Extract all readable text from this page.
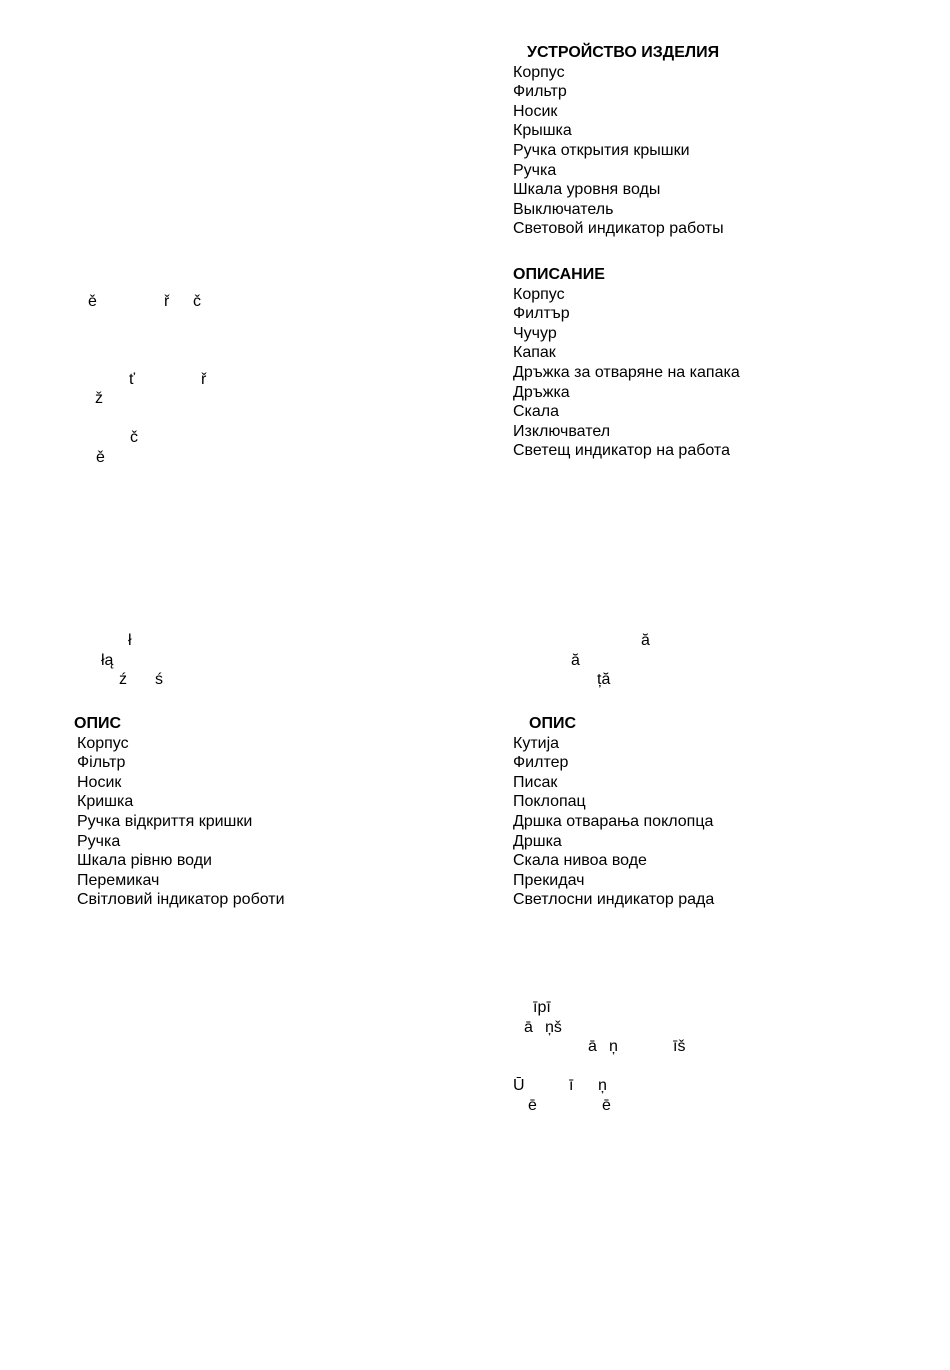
УСТРОЙСТВО ИЗДЕЛИЯ
Корпус
Фильтр
Носик
Крышка
Ручка открытия крышки
Ручка
Шкала уровня воды
Выключатель
Световой индикатор работы
ОПИСАНИЕ
Корпус
Филтър
Чучур
Капак
Дръжка за отваряне на капака
Дръжка
Скала
Изключвател
Светещ индикатор на работа
ОПИС
Корпус
Фільтр
Носик
Кришка
Ручка відкриття кришки
Ручка
Шкала рівню води
Перемикач
Світловий індикатор роботи
ОПИС
Кутија
Филтер
Писак
Поклопац
Дршка отварања поклопца
Дршка
Скала нивоа воде
Прекидач
Светлосни индикатор рада
ě	ř č
ť	ř
ž
č
ě
ł
łą
ź ś
ă
ă
ță
īpī
ā ņš
ā ņ	īš
Ū	ī ņ
ē	ē
